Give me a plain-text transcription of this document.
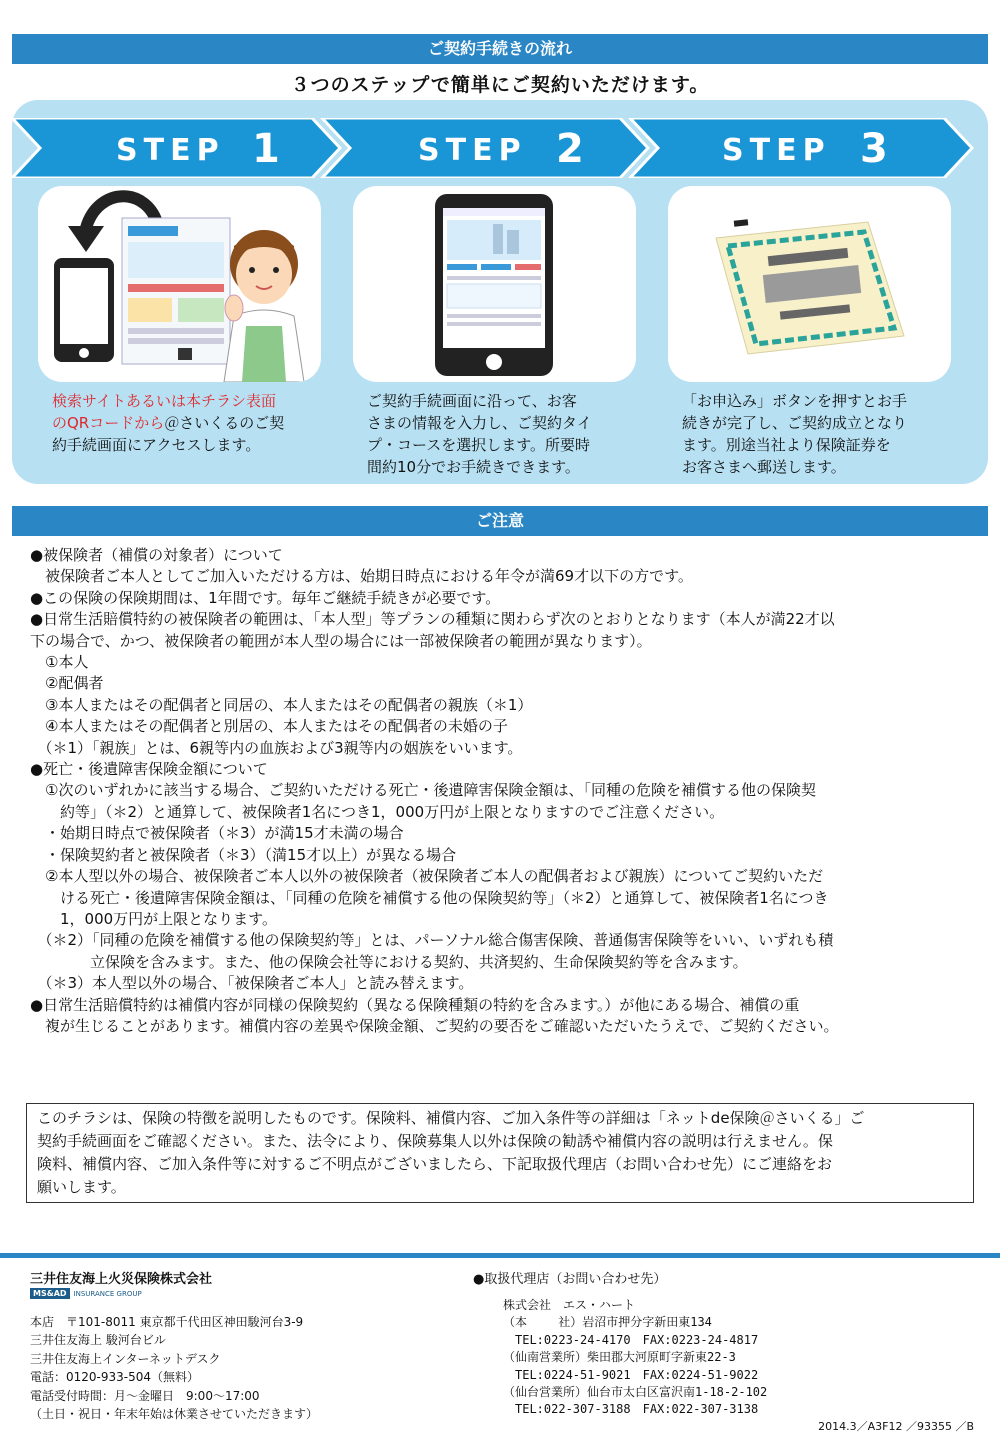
ご契約手続きの流れ
３つのステップで簡単にご契約いただけます。
STEP 1	STEP 2	STEP 3
検索サイトあるいは本チラシ表面
のQRコードから＠さいくるのご契
約手続画面にアクセスします。
ご契約手続画面に沿って、お客
さまの情報を入力し、ご契約タイ
プ・コースを選択します。所要時
間約10分でお手続きできます。
「お申込み」ボタンを押すとお手
続きが完了し、ご契約成立となり
ます。別途当社より保険証券を
お客さまへ郵送します。
ご注意
●被保険者（補償の対象者）について
　被保険者ご本人としてご加入いただける方は、始期日時点における年令が満69才以下の方です。
●この保険の保険期間は、1年間です。毎年ご継続手続きが必要です。
●日常生活賠償特約の被保険者の範囲は、「本人型」等プランの種類に関わらず次のとおりとなります（本人が満22才以
下の場合で、かつ、被保険者の範囲が本人型の場合には一部被保険者の範囲が異なります）。
　①本人
　②配偶者
　③本人またはその配偶者と同居の、本人またはその配偶者の親族（＊1）
　④本人またはその配偶者と別居の、本人またはその配偶者の未婚の子
　（＊1）「親族」とは、6親等内の血族および3親等内の姻族をいいます。
●死亡・後遺障害保険金額について
　①次のいずれかに該当する場合、ご契約いただける死亡・後遺障害保険金額は、「同種の危険を補償する他の保険契
　　約等」（＊2）と通算して、被保険者1名につき1，000万円が上限となりますのでご注意ください。
　・始期日時点で被保険者（＊3）が満15才未満の場合
　・保険契約者と被保険者（＊3）（満15才以上）が異なる場合
　②本人型以外の場合、被保険者ご本人以外の被保険者（被保険者ご本人の配偶者および親族）についてご契約いただ
　　ける死亡・後遺障害保険金額は、「同種の危険を補償する他の保険契約等」（＊2）と通算して、被保険者1名につき
　　1，000万円が上限となります。
　（＊2）「同種の危険を補償する他の保険契約等」とは、パーソナル総合傷害保険、普通傷害保険等をいい、いずれも積
　　　　立保険を含みます。また、他の保険会社等における契約、共済契約、生命保険契約等を含みます。
　（＊3）本人型以外の場合、「被保険者ご本人」と読み替えます。
●日常生活賠償特約は補償内容が同様の保険契約（異なる保険種類の特約を含みます。）が他にある場合、補償の重
　複が生じることがあります。補償内容の差異や保険金額、ご契約の要否をご確認いただいたうえで、ご契約ください。
このチラシは、保険の特徴を説明したものです。保険料、補償内容、ご加入条件等の詳細は「ネットde保険＠さいくる」ご
契約手続画面をご確認ください。また、法令により、保険募集人以外は保険の勧誘や補償内容の説明は行えません。保
険料、補償内容、ご加入条件等に対するご不明点がございましたら、下記取扱代理店（お問い合わせ先）にご連絡をお
願いします。
三井住友海上火災保険株式会社
MS&AD	INSURANCE GROUP
本店　〒101-8011 東京都千代田区神田駿河台3-9
三井住友海上 駿河台ビル
三井住友海上インターネットデスク
電話：0120-933-504（無料）
電話受付時間：月～金曜日　9:00～17:00
（土日・祝日・年末年始は休業させていただきます）
●取扱代理店（お問い合わせ先）
株式会社　エス・ハート
（本　　 社）岩沼市押分字新田東134
　TEL:0223-24-4170　FAX:0223-24-4817
（仙南営業所）柴田郡大河原町字新東22-3
　TEL:0224-51-9021　FAX:0224-51-9022
（仙台営業所）仙台市太白区富沢南1-18-2-102
　TEL:022-307-3188　FAX:022-307-3138
2014.3／A3F12 ／93355 ／B
